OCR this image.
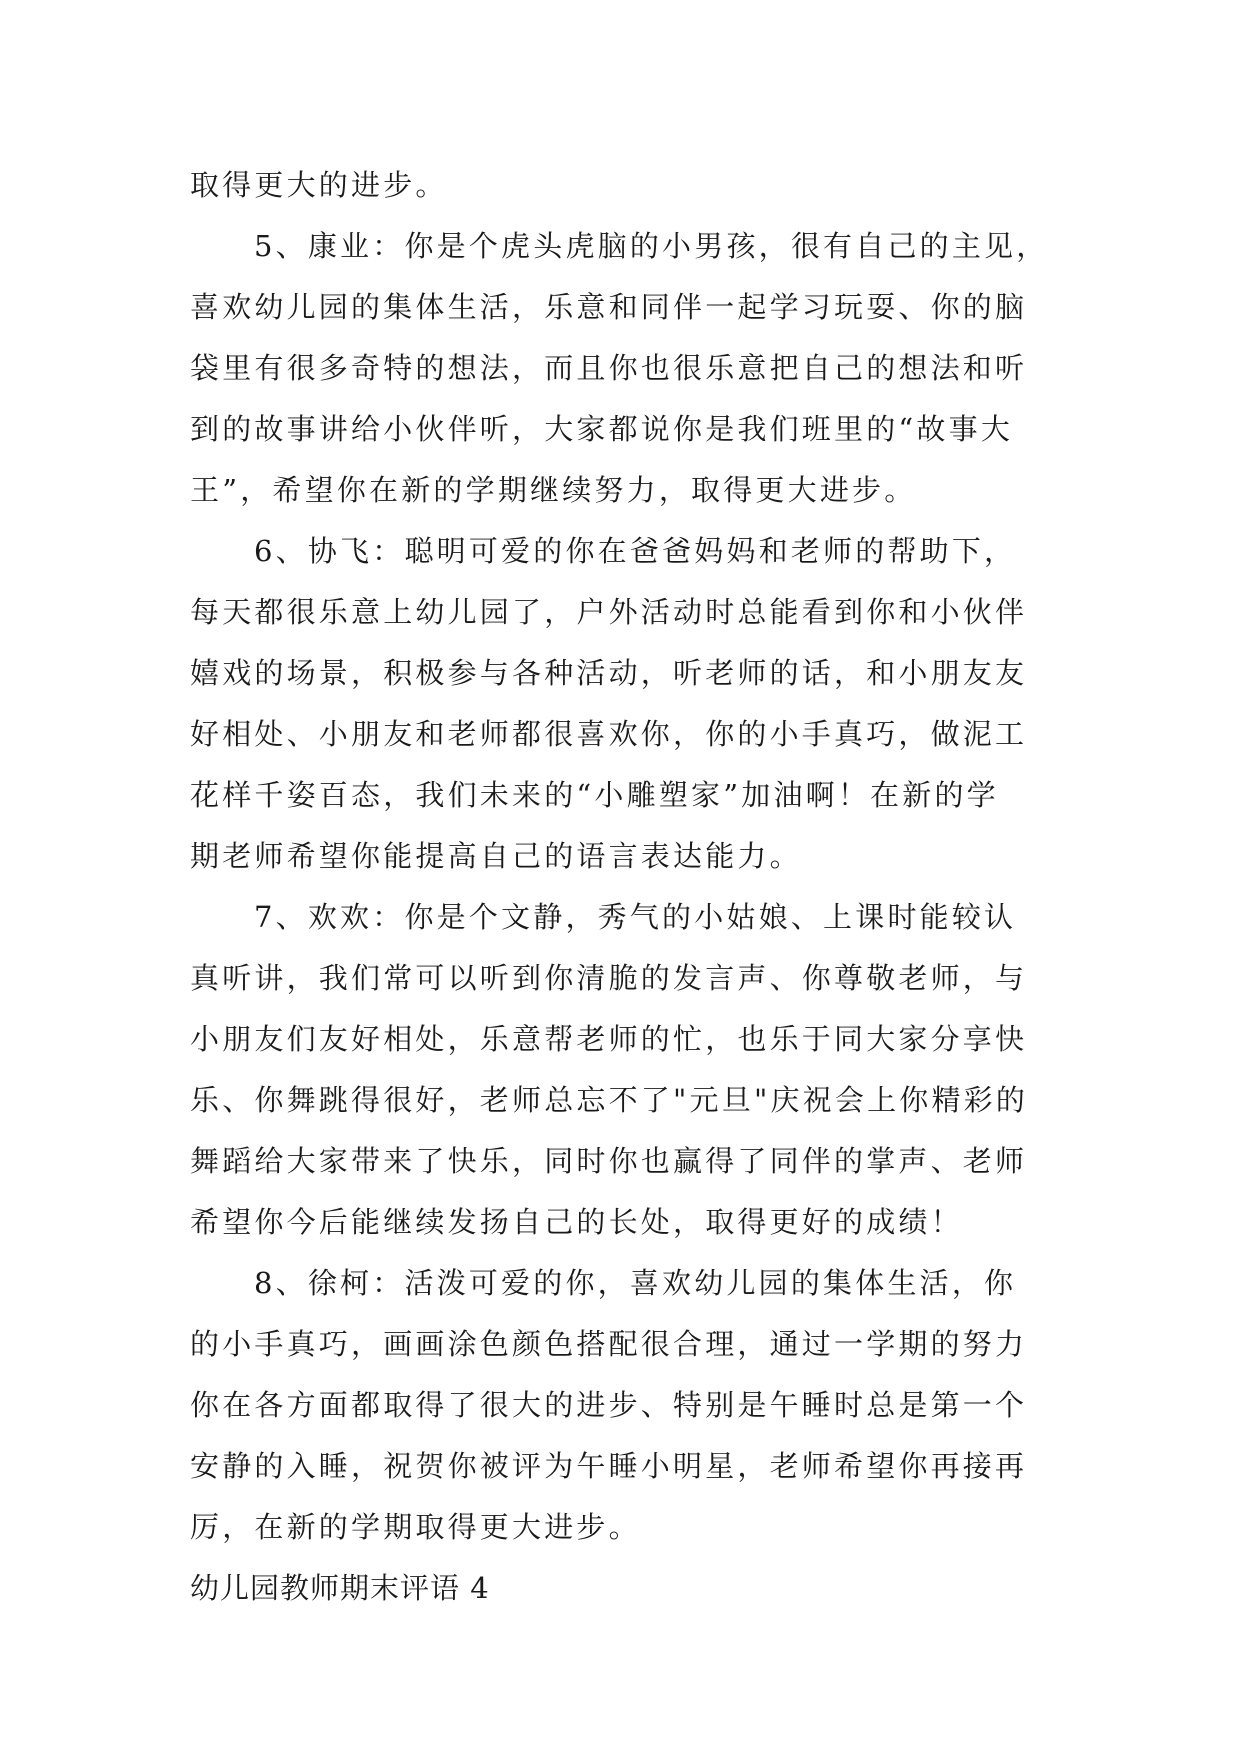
取得更大的进步。
5、康业：你是个虎头虎脑的小男孩，很有自己的主见，
喜欢幼儿园的集体生活，乐意和同伴一起学习玩耍、你的脑
袋里有很多奇特的想法，而且你也很乐意把自己的想法和听
到的故事讲给小伙伴听，大家都说你是我们班里的“故事大
王”，希望你在新的学期继续努力，取得更大进步。
6、协飞：聪明可爱的你在爸爸妈妈和老师的帮助下，
每天都很乐意上幼儿园了，户外活动时总能看到你和小伙伴
嬉戏的场景，积极参与各种活动，听老师的话，和小朋友友
好相处、小朋友和老师都很喜欢你，你的小手真巧，做泥工
花样千姿百态，我们未来的“小雕塑家”加油啊！在新的学
期老师希望你能提高自己的语言表达能力。
7、欢欢：你是个文静，秀气的小姑娘、上课时能较认
真听讲，我们常可以听到你清脆的发言声、你尊敬老师，与
小朋友们友好相处，乐意帮老师的忙，也乐于同大家分享快
乐、你舞跳得很好，老师总忘不了"元旦"庆祝会上你精彩的
舞蹈给大家带来了快乐，同时你也赢得了同伴的掌声、老师
希望你今后能继续发扬自己的长处，取得更好的成绩！
8、徐柯：活泼可爱的你，喜欢幼儿园的集体生活，你
的小手真巧，画画涂色颜色搭配很合理，通过一学期的努力
你在各方面都取得了很大的进步、特别是午睡时总是第一个
安静的入睡，祝贺你被评为午睡小明星，老师希望你再接再
厉，在新的学期取得更大进步。
幼儿园教师期末评语 4
